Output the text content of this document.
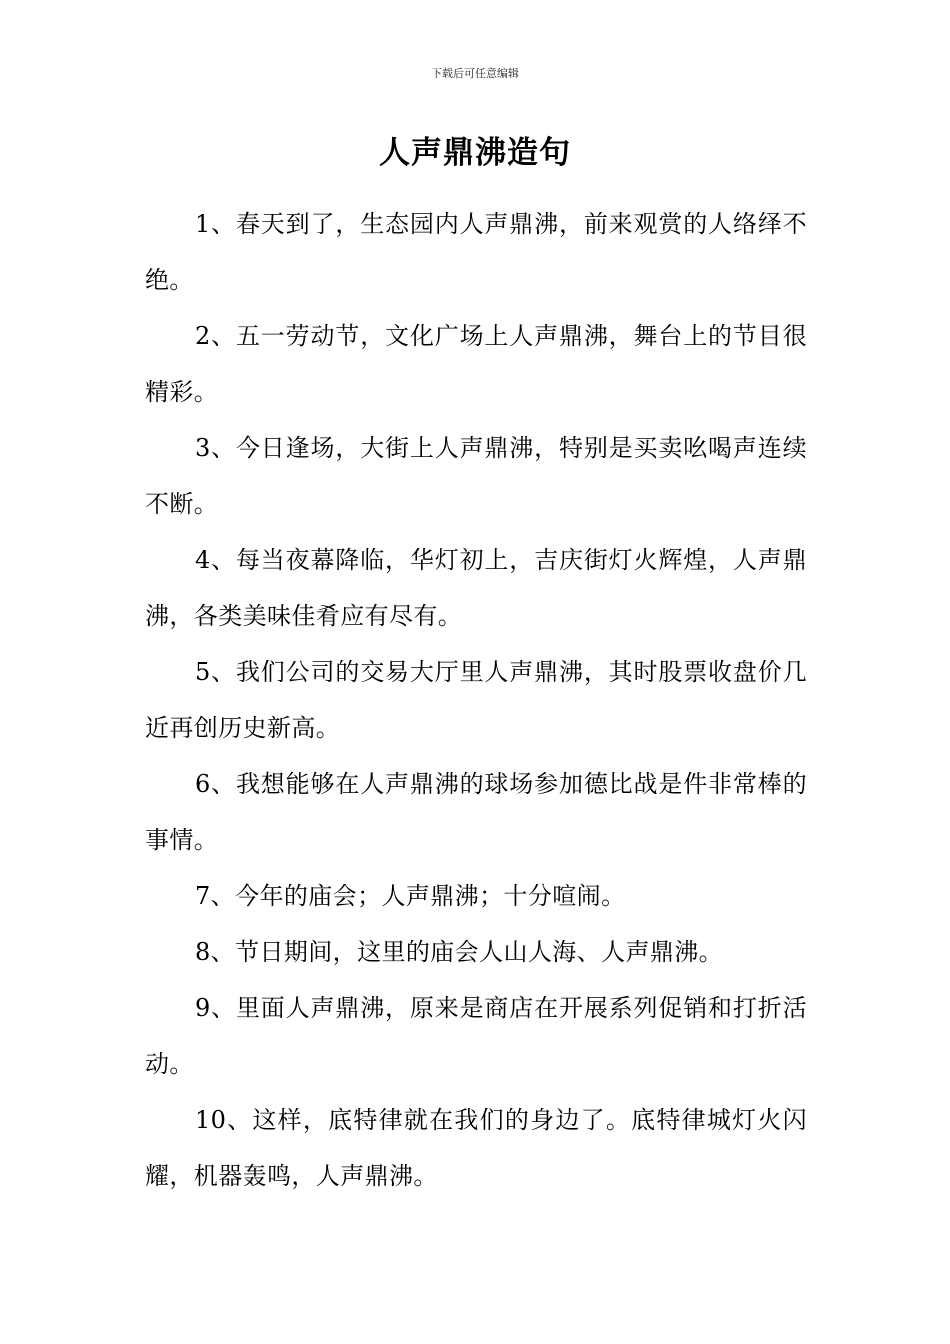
下载后可任意编辑
人声鼎沸造句

1、春天到了，生态园内人声鼎沸，前来观赏的人络绎不绝。

2、五一劳动节，文化广场上人声鼎沸，舞台上的节目很精彩。

3、今日逢场，大街上人声鼎沸，特别是买卖吆喝声连续不断。

4、每当夜幕降临，华灯初上，吉庆街灯火辉煌，人声鼎沸，各类美味佳肴应有尽有。

5、我们公司的交易大厅里人声鼎沸，其时股票收盘价几近再创历史新高。

6、我想能够在人声鼎沸的球场参加德比战是件非常棒的事情。

7、今年的庙会；人声鼎沸；十分喧闹。

8、节日期间，这里的庙会人山人海、人声鼎沸。

9、里面人声鼎沸，原来是商店在开展系列促销和打折活动。

10、这样，底特律就在我们的身边了。底特律城灯火闪耀，机器轰鸣，人声鼎沸。
